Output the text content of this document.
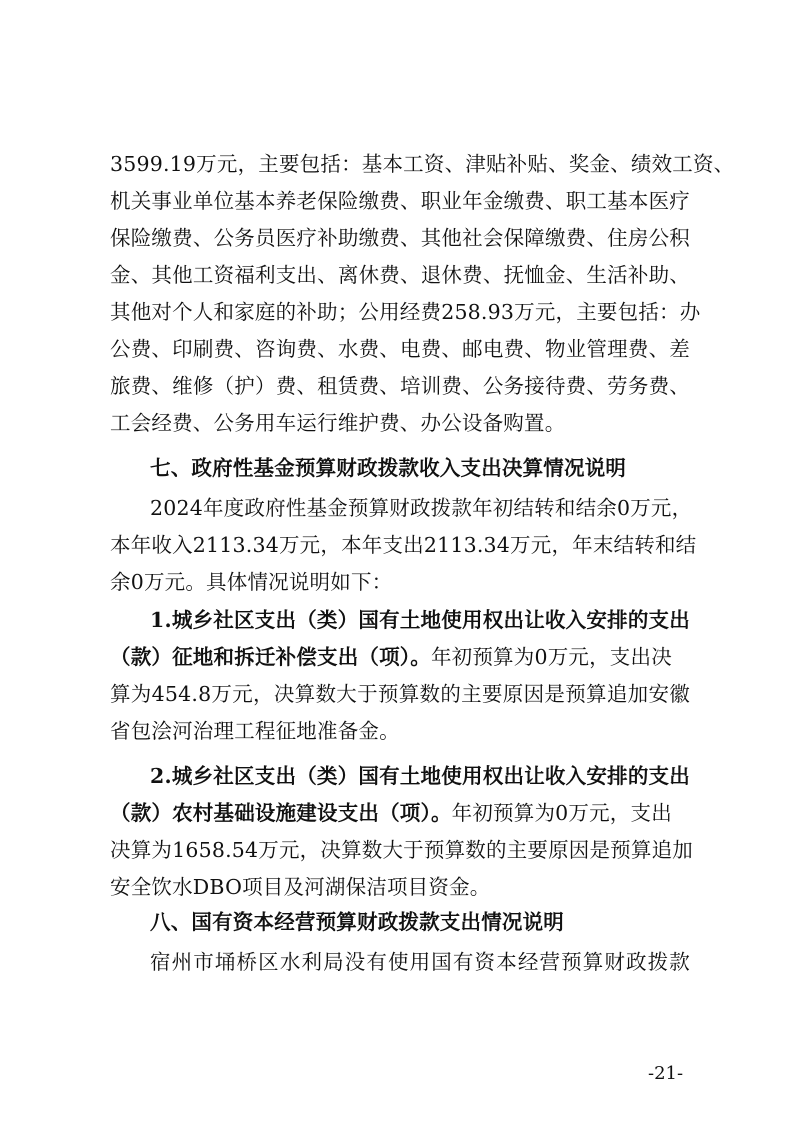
3599.19万元，主要包括：基本工资、津贴补贴、奖金、绩效工资、
机关事业单位基本养老保险缴费、职业年金缴费、职工基本医疗
保险缴费、公务员医疗补助缴费、其他社会保障缴费、住房公积
金、其他工资福利支出、离休费、退休费、抚恤金、生活补助、
其他对个人和家庭的补助；公用经费258.93万元，主要包括：办
公费、印刷费、咨询费、水费、电费、邮电费、物业管理费、差
旅费、维修（护）费、租赁费、培训费、公务接待费、劳务费、
工会经费、公务用车运行维护费、办公设备购置。
七、政府性基金预算财政拨款收入支出决算情况说明
2024年度政府性基金预算财政拨款年初结转和结余0万元，
本年收入2113.34万元，本年支出2113.34万元，年末结转和结
余0万元。具体情况说明如下：
1.城乡社区支出（类）国有土地使用权出让收入安排的支出
（款）征地和拆迁补偿支出（项）。年初预算为0万元，支出决
算为454.8万元，决算数大于预算数的主要原因是预算追加安徽
省包浍河治理工程征地准备金。
2.城乡社区支出（类）国有土地使用权出让收入安排的支出
（款）农村基础设施建设支出（项）。年初预算为0万元，支出
决算为1658.54万元，决算数大于预算数的主要原因是预算追加
安全饮水DBO项目及河湖保洁项目资金。
八、国有资本经营预算财政拨款支出情况说明
宿州市埇桥区水利局没有使用国有资本经营预算财政拨款
-21-
